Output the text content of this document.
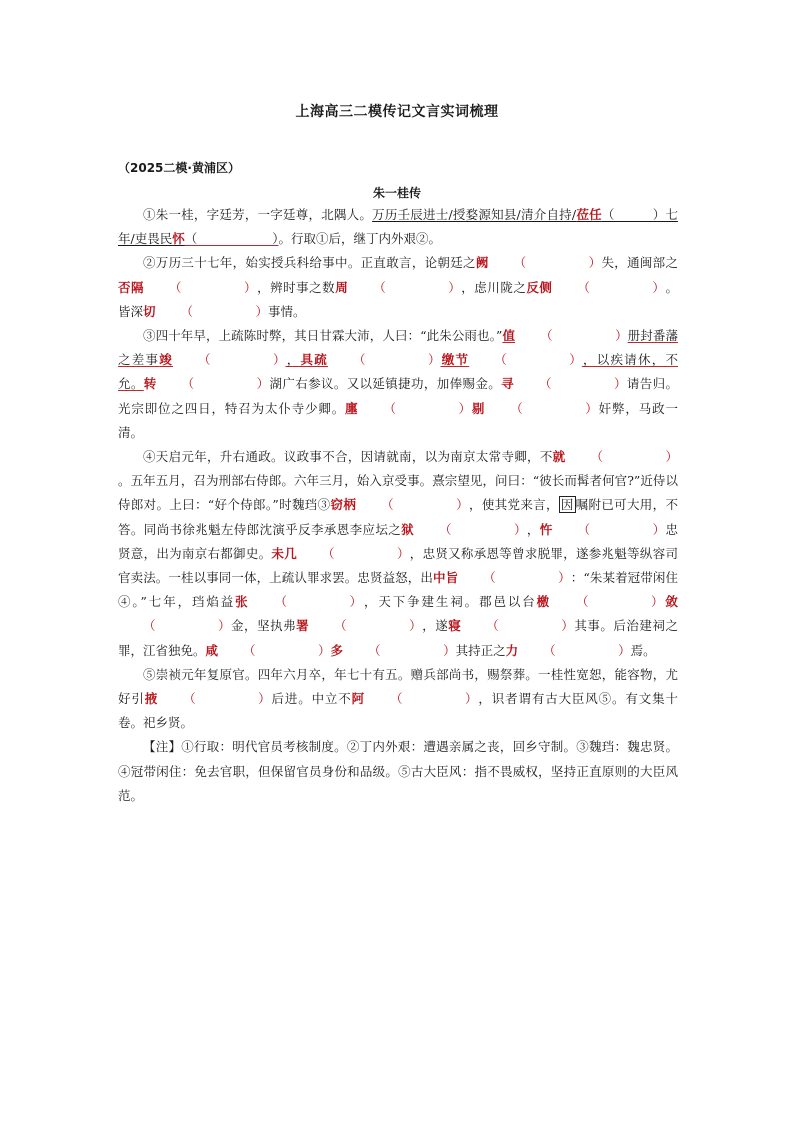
上海高三二模传记文言实词梳理
（2025二模·黄浦区）
朱一桂传

①朱一桂，字廷芳，一字廷尊，北隅人。万历壬辰进士/授婺源知县/清介自持/莅任（　　　）七年/吏畏民怀（　　　　　　）。行取①后，继丁内外艰②。

②万历三十七年，始实授兵科给事中。正直敢言，论朝廷之阙 （　　　　　）失，通闽部之否隔 （　　　　　），辨时事之数周 （　　　　　），虑川陇之反侧 （　　　　　）。皆深切 （　　　　　）事情。

③四十年早，上疏陈时弊，其日甘霖大沛，人曰：“此朱公雨也。”值 （　　　　　）册封番藩之差事竣 （　　　　　），具疏 （　　　　　）缴节 （　　　　　），以疾请休，不允。转 （　　　　　）湖广右参议。又以延镇捷功，加俸赐金。寻 （　　　　　）请告归。光宗即位之四日，特召为太仆寺少卿。廛 （　　　　　）剔 （　　　　　）奸弊，马政一清。

④天启元年，升右通政。议政事不合，因请就南，以为南京太常寺卿，不就 （　　　　　）。五年五月，召为刑部右侍郎。六年三月，始入京受事。熹宗望见，问曰：“彼长而髯者何官?”近侍以侍郎对。上曰：“好个侍郎。”时魏珰③窃柄 （　　　　　），使其党来言， 因 嘱附已可大用，不答。同尚书徐兆魁左侍郎沈演乎反李承恩李应坛之狱 （　　　　　），忤 （　　　　　）忠贤意，出为南京右都御史。未几 （　　　　　），忠贤又称承恩等曾求脱罪，遂参兆魁等纵容司官卖法。一桂以事同一体，上疏认罪求罢。忠贤益怒，出中旨 （　　　　　）：“朱某着冠带闲住④。”七年，珰焰益张 （　　　　　），天下争建生祠。郡邑以台檄 （　　　　　）敛（　　　　　）金，坚执弗署 （　　　　　），遂寝 （　　　　　）其事。后治建祠之罪，江省独免。咸 （　　　　　）多 （　　　　　）其持正之力 （　　　　　）焉。

⑤崇祯元年复原官。四年六月卒，年七十有五。赠兵部尚书，赐祭葬。一桂性宽恕，能容物，尤好引掖 （　　　　　）后进。中立不阿 （　　　　　），识者谓有古大臣风⑤。有文集十卷。祀乡贤。

【注】①行取：明代官员考核制度。②丁内外艰：遭遇亲属之丧，回乡守制。③魏珰：魏忠贤。④冠带闲住：免去官职，但保留官员身份和品级。⑤古大臣风：指不畏威权，坚持正直原则的大臣风范。
